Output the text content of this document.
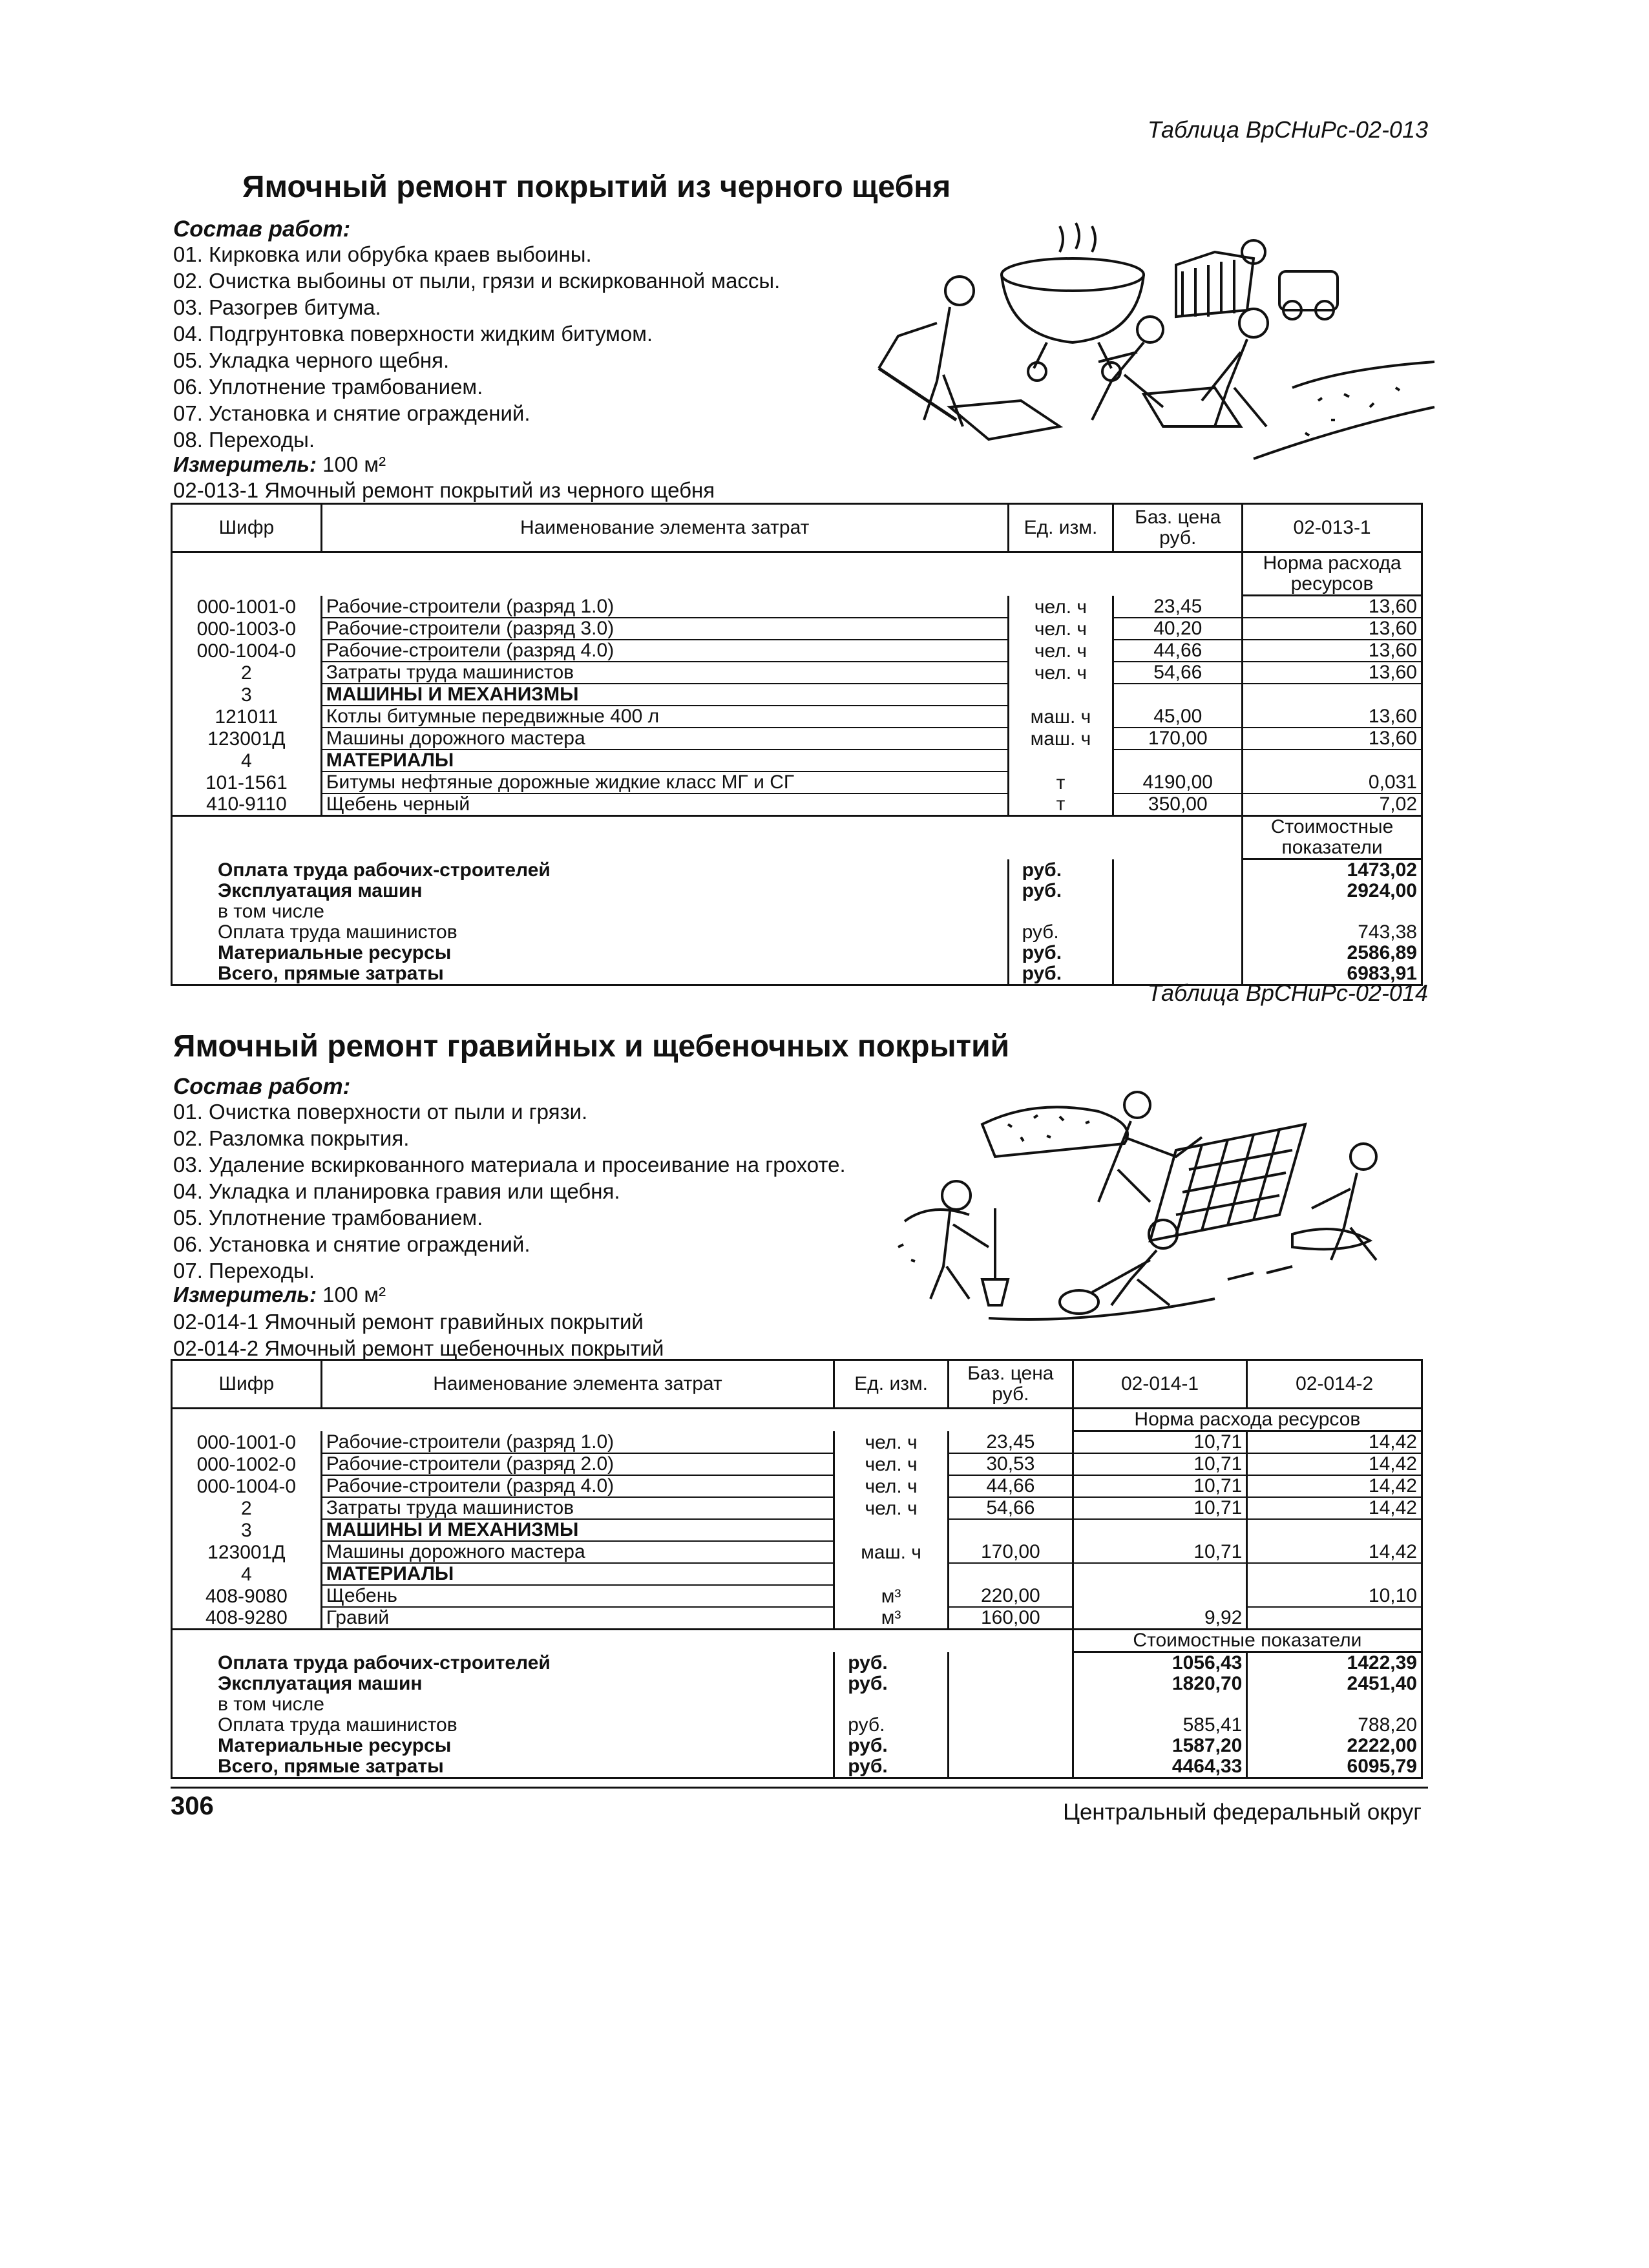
Таблица ВрСНиРс-02-013
Ямочный ремонт покрытий из черного щебня
Состав работ:
01. Кирковка или обрубка краев выбоины.
02. Очистка выбоины от пыли, грязи и вскиркованной массы.
03. Разогрев битума.
04. Подгрунтовка поверхности жидким битумом.
05. Укладка черного щебня.
06. Уплотнение трамбованием.
07. Установка и снятие ограждений.
08. Переходы.
Измеритель: 100 м²
02-013-1 Ямочный ремонт покрытий из черного щебня
Шифр	Наименование элемента затрат	Ед. изм.	Баз. цена руб.	02-013-1
				Норма расхода ресурсов
000-1001-0	Рабочие-строители (разряд 1.0)	чел. ч	23,45	13,60
000-1003-0	Рабочие-строители (разряд 3.0)	чел. ч	40,20	13,60
000-1004-0	Рабочие-строители (разряд 4.0)	чел. ч	44,66	13,60
2	Затраты труда машинистов	чел. ч	54,66	13,60
3	МАШИНЫ И МЕХАНИЗМЫ			
121011	Котлы битумные передвижные 400 л	маш. ч	45,00	13,60
123001Д	Машины дорожного мастера	маш. ч	170,00	13,60
4	МАТЕРИАЛЫ			
101-1561	Битумы нефтяные дорожные жидкие класс МГ и СГ	т	4190,00	0,031
410-9110	Щебень черный	т	350,00	7,02
				Стоимостные показатели
Оплата труда рабочих-строителей		руб.		1473,02
Эксплуатация машин		руб.		2924,00
в том числе				
Оплата труда машинистов		руб.		743,38
Материальные ресурсы		руб.		2586,89
Всего, прямые затраты		руб.		6983,91
Таблица ВрСНиРс-02-014
Ямочный ремонт гравийных и щебеночных покрытий
Состав работ:
01. Очистка поверхности от пыли и грязи.
02. Разломка покрытия.
03. Удаление вскиркованного материала и просеивание на грохоте.
04. Укладка и планировка гравия или щебня.
05. Уплотнение трамбованием.
06. Установка и снятие ограждений.
07. Переходы.
Измеритель: 100 м²
02-014-1 Ямочный ремонт гравийных покрытий
02-014-2 Ямочный ремонт щебеночных покрытий
Шифр	Наименование элемента затрат	Ед. изм.	Баз. цена руб.	02-014-1	02-014-2
				Норма расхода ресурсов	
000-1001-0	Рабочие-строители (разряд 1.0)	чел. ч	23,45	10,71	14,42
000-1002-0	Рабочие-строители (разряд 2.0)	чел. ч	30,53	10,71	14,42
000-1004-0	Рабочие-строители (разряд 4.0)	чел. ч	44,66	10,71	14,42
2	Затраты труда машинистов	чел. ч	54,66	10,71	14,42
3	МАШИНЫ И МЕХАНИЗМЫ				
123001Д	Машины дорожного мастера	маш. ч	170,00	10,71	14,42
4	МАТЕРИАЛЫ				
408-9080	Щебень	м³	220,00		10,10
408-9280	Гравий	м³	160,00	9,92	
				Стоимостные показатели	
Оплата труда рабочих-строителей		руб.		1056,43	1422,39
Эксплуатация машин		руб.		1820,70	2451,40
в том числе					
Оплата труда машинистов		руб.		585,41	788,20
Материальные ресурсы		руб.		1587,20	2222,00
Всего, прямые затраты		руб.		4464,33	6095,79
306	Центральный федеральный округ
